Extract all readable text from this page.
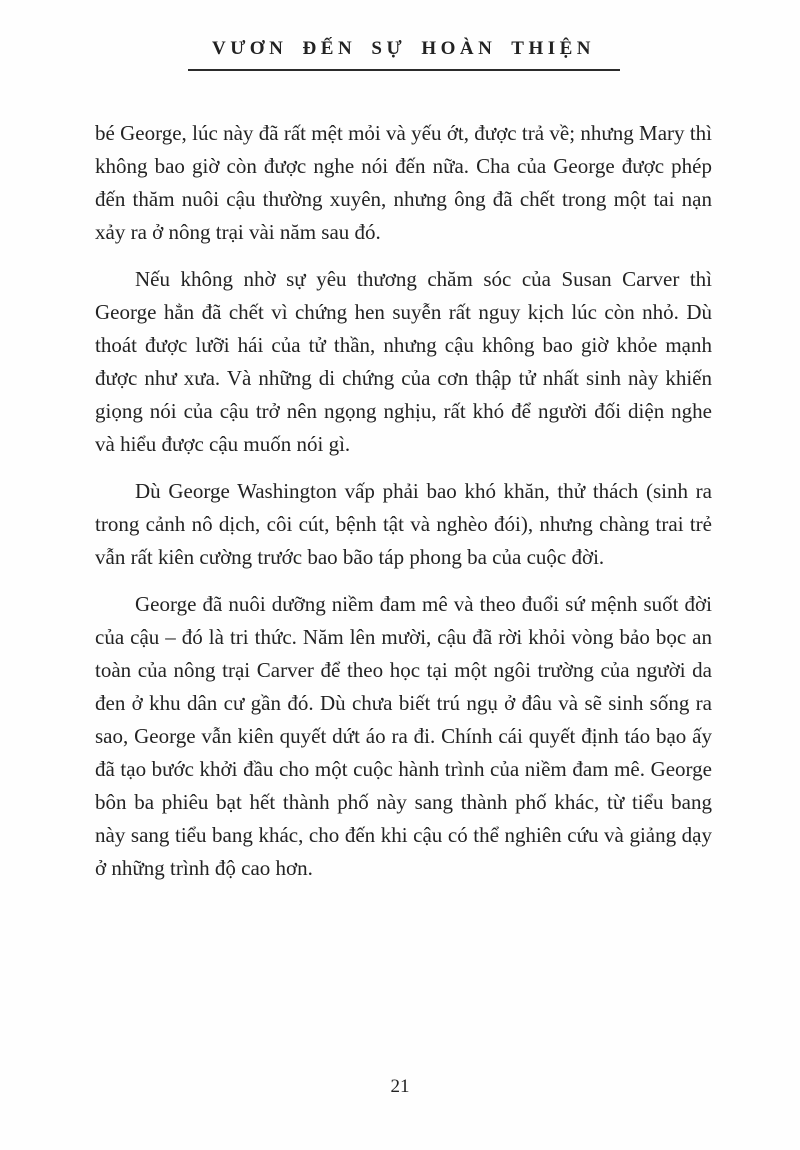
VƯƠN ĐẾN SỰ HOÀN THIỆN

bé George, lúc này đã rất mệt mỏi và yếu ớt, được trả về; nhưng Mary thì không bao giờ còn được nghe nói đến nữa. Cha của George được phép đến thăm nuôi cậu thường xuyên, nhưng ông đã chết trong một tai nạn xảy ra ở nông trại vài năm sau đó.

Nếu không nhờ sự yêu thương chăm sóc của Susan Carver thì George hẳn đã chết vì chứng hen suyễn rất nguy kịch lúc còn nhỏ. Dù thoát được lưỡi hái của tử thần, nhưng cậu không bao giờ khỏe mạnh được như xưa. Và những di chứng của cơn thập tử nhất sinh này khiến giọng nói của cậu trở nên ngọng nghịu, rất khó để người đối diện nghe và hiểu được cậu muốn nói gì.

Dù George Washington vấp phải bao khó khăn, thử thách (sinh ra trong cảnh nô dịch, côi cút, bệnh tật và nghèo đói), nhưng chàng trai trẻ vẫn rất kiên cường trước bao bão táp phong ba của cuộc đời.

George đã nuôi dưỡng niềm đam mê và theo đuổi sứ mệnh suốt đời của cậu – đó là tri thức. Năm lên mười, cậu đã rời khỏi vòng bảo bọc an toàn của nông trại Carver để theo học tại một ngôi trường của người da đen ở khu dân cư gần đó. Dù chưa biết trú ngụ ở đâu và sẽ sinh sống ra sao, George vẫn kiên quyết dứt áo ra đi. Chính cái quyết định táo bạo ấy đã tạo bước khởi đầu cho một cuộc hành trình của niềm đam mê. George bôn ba phiêu bạt hết thành phố này sang thành phố khác, từ tiểu bang này sang tiểu bang khác, cho đến khi cậu có thể nghiên cứu và giảng dạy ở những trình độ cao hơn.

21
